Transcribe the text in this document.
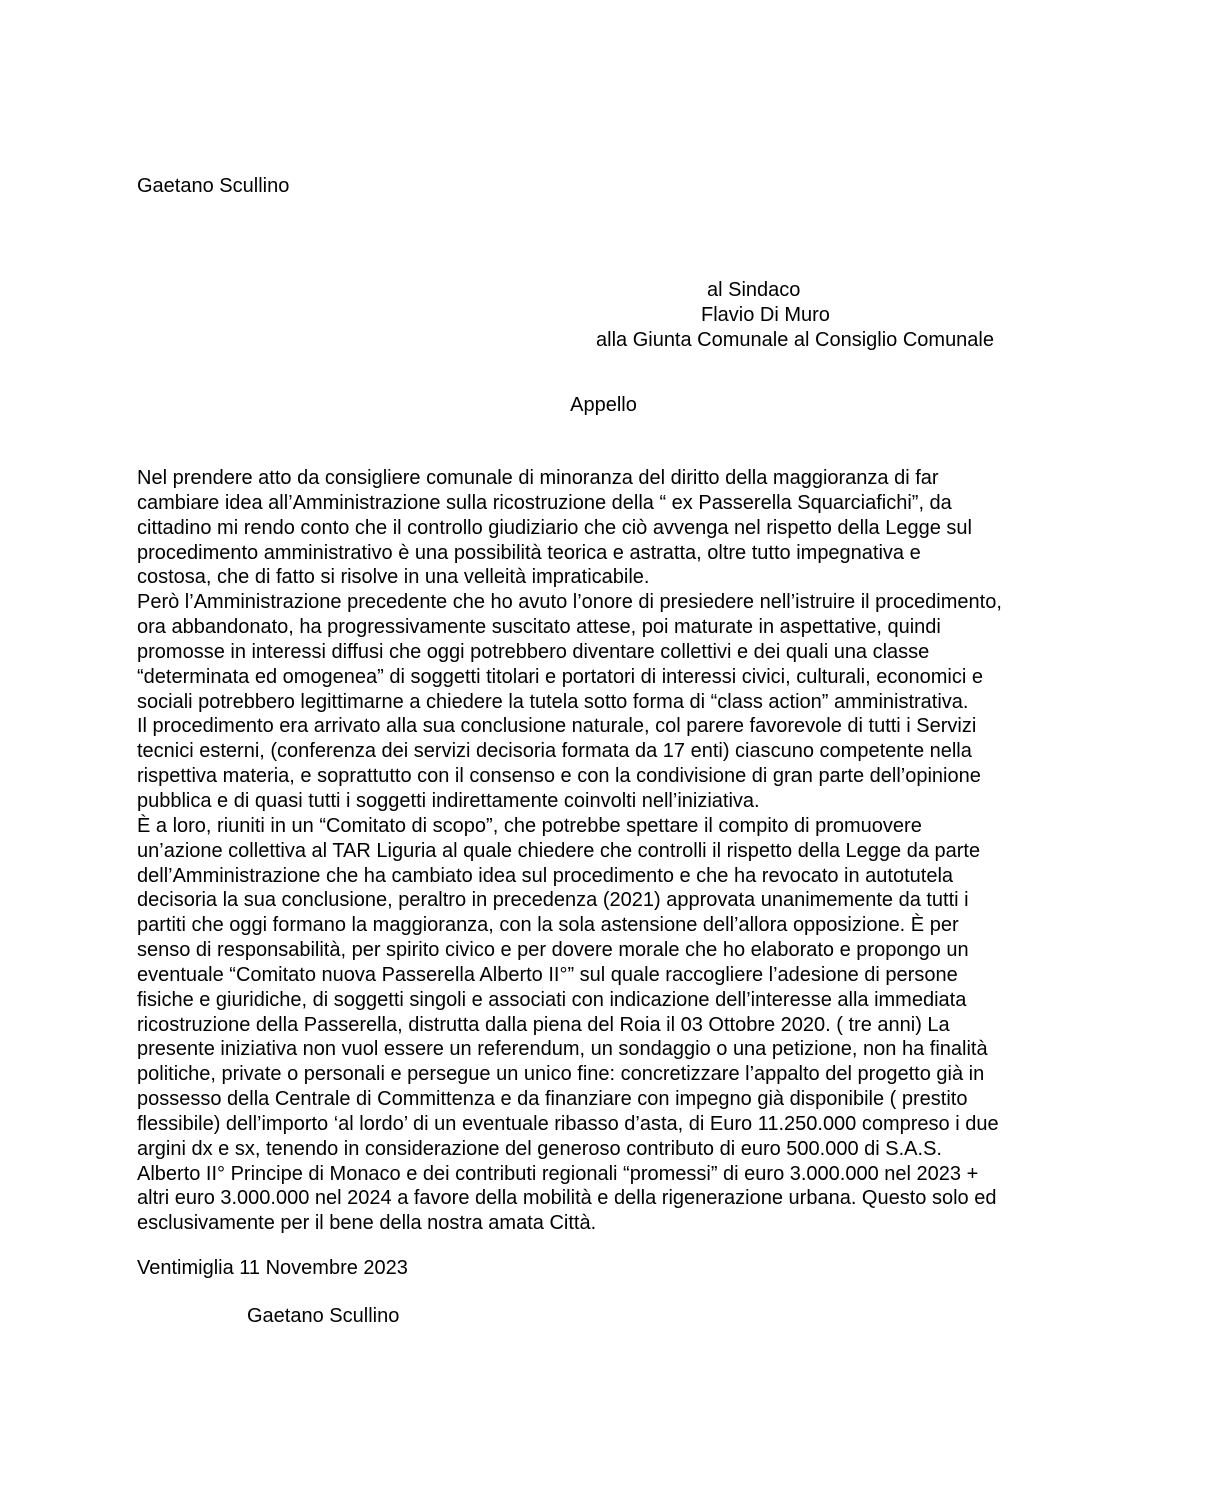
Gaetano Scullino
al Sindaco
Flavio Di Muro
alla Giunta Comunale al Consiglio Comunale
Appello
Nel prendere atto da consigliere comunale di minoranza del diritto della maggioranza di far
cambiare idea all’Amministrazione sulla ricostruzione della “ ex Passerella Squarciafichi”, da
cittadino mi rendo conto che il controllo giudiziario che ciò avvenga nel rispetto della Legge sul
procedimento amministrativo è una possibilità teorica e astratta, oltre tutto impegnativa e
costosa, che di fatto si risolve in una velleità impraticabile.
Però l’Amministrazione precedente che ho avuto l’onore di presiedere nell’istruire il procedimento,
ora abbandonato, ha progressivamente suscitato attese, poi maturate in aspettative, quindi
promosse in interessi diffusi che oggi potrebbero diventare collettivi e dei quali una classe
“determinata ed omogenea” di soggetti titolari e portatori di interessi civici, culturali, economici e
sociali potrebbero legittimarne a chiedere la tutela sotto forma di “class action” amministrativa.
Il procedimento era arrivato alla sua conclusione naturale, col parere favorevole di tutti i Servizi
tecnici esterni, (conferenza dei servizi decisoria formata da 17 enti) ciascuno competente nella
rispettiva materia, e soprattutto con il consenso e con la condivisione di gran parte dell’opinione
pubblica e di quasi tutti i soggetti indirettamente coinvolti nell’iniziativa.
È a loro, riuniti in un “Comitato di scopo”, che potrebbe spettare il compito di promuovere
un’azione collettiva al TAR Liguria al quale chiedere che controlli il rispetto della Legge da parte
dell’Amministrazione che ha cambiato idea sul procedimento e che ha revocato in autotutela
decisoria la sua conclusione, peraltro in precedenza (2021) approvata unanimemente da tutti i
partiti che oggi formano la maggioranza, con la sola astensione dell’allora opposizione. È per
senso di responsabilità, per spirito civico e per dovere morale che ho elaborato e propongo un
eventuale “Comitato nuova Passerella Alberto II°” sul quale raccogliere l’adesione di persone
fisiche e giuridiche, di soggetti singoli e associati con indicazione dell’interesse alla immediata
ricostruzione della Passerella, distrutta dalla piena del Roia il 03 Ottobre 2020. ( tre anni) La
presente iniziativa non vuol essere un referendum, un sondaggio o una petizione, non ha finalità
politiche, private o personali e persegue un unico fine: concretizzare l’appalto del progetto già in
possesso della Centrale di Committenza e da finanziare con impegno già disponibile ( prestito
flessibile) dell’importo ‘al lordo’ di un eventuale ribasso d’asta, di Euro 11.250.000 compreso i due
argini dx e sx, tenendo in considerazione del generoso contributo di euro 500.000 di S.A.S.
Alberto II° Principe di Monaco e dei contributi regionali “promessi” di euro 3.000.000 nel 2023 +
altri euro 3.000.000 nel 2024 a favore della mobilità e della rigenerazione urbana. Questo solo ed
esclusivamente per il bene della nostra amata Città.
Ventimiglia 11 Novembre 2023
Gaetano Scullino
